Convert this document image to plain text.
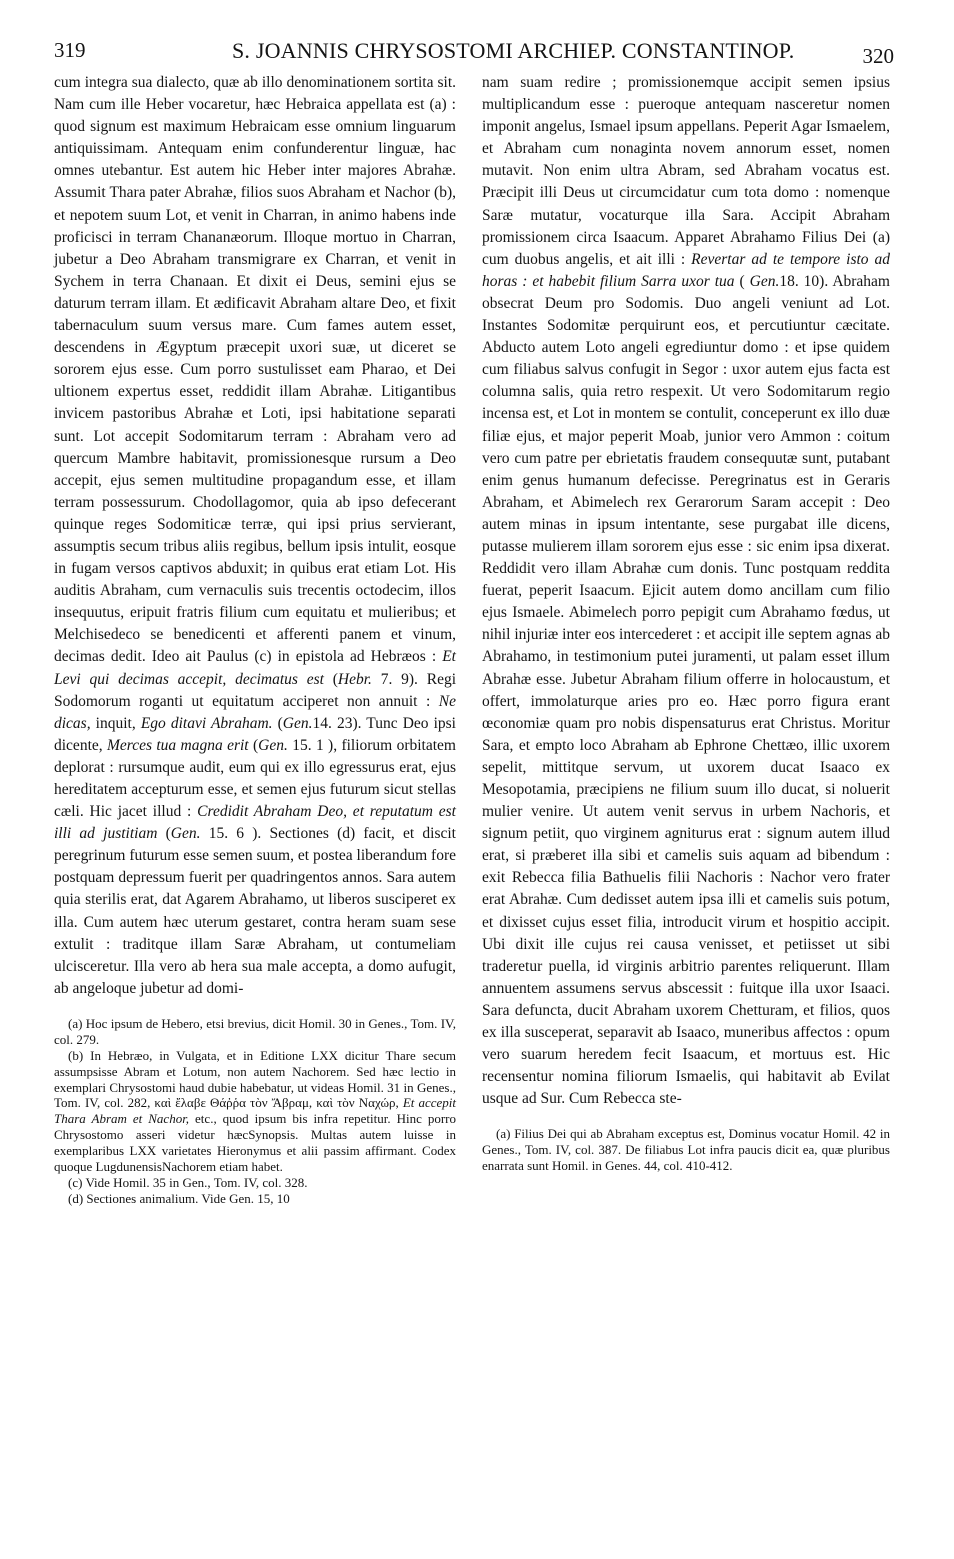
319	S. JOANNIS CHRYSOSTOMI ARCHIEP. CONSTANTINOP.	320

cum integra sua dialecto, quæ ab illo denominationem sortita sit. Nam cum ille Heber vocaretur, hæc Hebraica appellata est (a) : quod signum est maximum Hebraicam esse omnium linguarum antiquissimam. Antequam enim confunderentur linguæ, hac omnes utebantur. Est autem hic Heber inter majores Abrahæ. Assumit Thara pater Abrahæ, filios suos Abraham et Nachor (b), et nepotem suum Lot, et venit in Charran, in animo habens inde proficisci in terram Chananæorum. Illoque mortuo in Charran, jubetur a Deo Abraham transmigrare ex Charran, et venit in Sychem in terra Chanaan. Et dixit ei Deus, semini ejus se daturum terram illam. Et ædificavit Abraham altare Deo, et fixit tabernaculum suum versus mare. Cum fames autem esset, descendens in Ægyptum præcepit uxori suæ, ut diceret se sororem ejus esse. Cum porro sustulisset eam Pharao, et Dei ultionem expertus esset, reddidit illam Abrahæ. Litigantibus invicem pastoribus Abrahæ et Loti, ipsi habitatione separati sunt. Lot accepit Sodomitarum terram : Abraham vero ad quercum Mambre habitavit, promissionesque rursum a Deo accepit, ejus semen multitudine propagandum esse, et illam terram possessurum. Chodollagomor, quia ab ipso defecerant quinque reges Sodomiticæ terræ, qui ipsi prius servierant, assumptis secum tribus aliis regibus, bellum ipsis intulit, eosque in fugam versos captivos abduxit; in quibus erat etiam Lot. His auditis Abraham, cum vernaculis suis trecentis octodecim, illos insequutus, eripuit fratris filium cum equitatu et mulieribus; et Melchisedeco se benedicenti et afferenti panem et vinum, decimas dedit. Ideo ait Paulus (c) in epistola ad Hebræos : Et Levi qui decimas accepit, decimatus est (Hebr. 7. 9). Regi Sodomorum roganti ut equitatum acciperet non annuit : Ne dicas, inquit, Ego ditavi Abraham. (Gen.14. 23). Tunc Deo ipsi dicente, Merces tua magna erit (Gen. 15. 1 ), filiorum orbitatem deplorat : rursumque audit, eum qui ex illo egressurus erat, ejus hereditatem accepturum esse, et semen ejus futurum sicut stellas cæli. Hic jacet illud : Credidit Abraham Deo, et reputatum est illi ad justitiam (Gen. 15. 6 ). Sectiones (d) facit, et discit peregrinum futurum esse semen suum, et postea liberandum fore postquam depressum fuerit per quadringentos annos. Sara autem quia sterilis erat, dat Agarem Abrahamo, ut liberos susciperet ex illa. Cum autem hæc uterum gestaret, contra heram suam sese extulit : traditque illam Saræ Abraham, ut contumeliam ulcisceretur. Illa vero ab hera sua male accepta, a domo aufugit, ab angeloque jubetur ad domi-

(a) Hoc ipsum de Hebero, etsi brevius, dicit Homil. 30 in Genes., Tom. IV, col. 279.

(b) In Hebræo, in Vulgata, et in Editione LXX dicitur Thare secum assumpsisse Abram et Lotum, non autem Nachorem. Sed hæc lectio in exemplari Chrysostomi haud dubie habebatur, ut videas Homil. 31 in Genes., Tom. IV, col. 282, καὶ ἔλαβε Θάῤῥα τὸν Ἄβραμ, καὶ τὸν Ναχώρ, Et accepit Thara Abram et Nachor, etc., quod ipsum bis infra repetitur. Hinc porro Chrysostomo asseri videtur hæcSynopsis. Multas autem luisse in exemplaribus LXX varietates Hieronymus et alii passim affirmant. Codex quoque LugdunensisNachorem etiam habet.

(c) Vide Homil. 35 in Gen., Tom. IV, col. 328.

(d) Sectiones animalium. Vide Gen. 15, 10

nam suam redire ; promissionemque accipit semen ipsius multiplicandum esse : pueroque antequam nasceretur nomen imponit angelus, Ismael ipsum appellans. Peperit Agar Ismaelem, et Abraham cum nonaginta novem annorum esset, nomen mutavit. Non enim ultra Abram, sed Abraham vocatus est. Præcipit illi Deus ut circumcidatur cum tota domo : nomenque Saræ mutatur, vocaturque illa Sara. Accipit Abraham promissionem circa Isaacum. Apparet Abrahamo Filius Dei (a) cum duobus angelis, et ait illi : Revertar ad te tempore isto ad horas : et habebit filium Sarra uxor tua ( Gen.18. 10). Abraham obsecrat Deum pro Sodomis. Duo angeli veniunt ad Lot. Instantes Sodomitæ perquirunt eos, et percutiuntur cæcitate. Abducto autem Loto angeli egrediuntur domo : et ipse quidem cum filiabus salvus confugit in Segor : uxor autem ejus facta est columna salis, quia retro respexit. Ut vero Sodomitarum regio incensa est, et Lot in montem se contulit, conceperunt ex illo duæ filiæ ejus, et major peperit Moab, junior vero Ammon : coitum vero cum patre per ebrietatis fraudem consequutæ sunt, putabant enim genus humanum defecisse. Peregrinatus est in Geraris Abraham, et Abimelech rex Gerarorum Saram accepit : Deo autem minas in ipsum intentante, sese purgabat ille dicens, putasse mulierem illam sororem ejus esse : sic enim ipsa dixerat. Reddidit vero illam Abrahæ cum donis. Tunc postquam reddita fuerat, peperit Isaacum. Ejicit autem domo ancillam cum filio ejus Ismaele. Abimelech porro pepigit cum Abrahamo fœdus, ut nihil injuriæ inter eos intercederet : et accipit ille septem agnas ab Abrahamo, in testimonium putei juramenti, ut palam esset illum Abrahæ esse. Jubetur Abraham filium offerre in holocaustum, et offert, immolaturque aries pro eo. Hæc porro figura erant œconomiæ quam pro nobis dispensaturus erat Christus. Moritur Sara, et empto loco Abraham ab Ephrone Chettæo, illic uxorem sepelit, mittitque servum, ut uxorem ducat Isaaco ex Mesopotamia, præcipiens ne filium suum illo ducat, si noluerit mulier venire. Ut autem venit servus in urbem Nachoris, et signum petiit, quo virginem agniturus erat : signum autem illud erat, si præberet illa sibi et camelis suis aquam ad bibendum : exit Rebecca filia Bathuelis filii Nachoris : Nachor vero frater erat Abrahæ. Cum dedisset autem ipsa illi et camelis suis potum, et dixisset cujus esset filia, introducit virum et hospitio accipit. Ubi dixit ille cujus rei causa venisset, et petiisset ut sibi traderetur puella, id virginis arbitrio parentes reliquerunt. Illam annuentem assumens servus abscessit : fuitque illa uxor Isaaci. Sara defuncta, ducit Abraham uxorem Chetturam, et filios, quos ex illa susceperat, separavit ab Isaaco, muneribus affectos : opum vero suarum heredem fecit Isaacum, et mortuus est. Hic recensentur nomina filiorum Ismaelis, qui habitavit ab Evilat usque ad Sur. Cum Rebecca ste-

(a) Filius Dei qui ab Abraham exceptus est, Dominus vocatur Homil. 42 in Genes., Tom. IV, col. 387. De filiabus Lot infra paucis dicit ea, quæ pluribus enarrata sunt Homil. in Genes. 44, col. 410-412.
